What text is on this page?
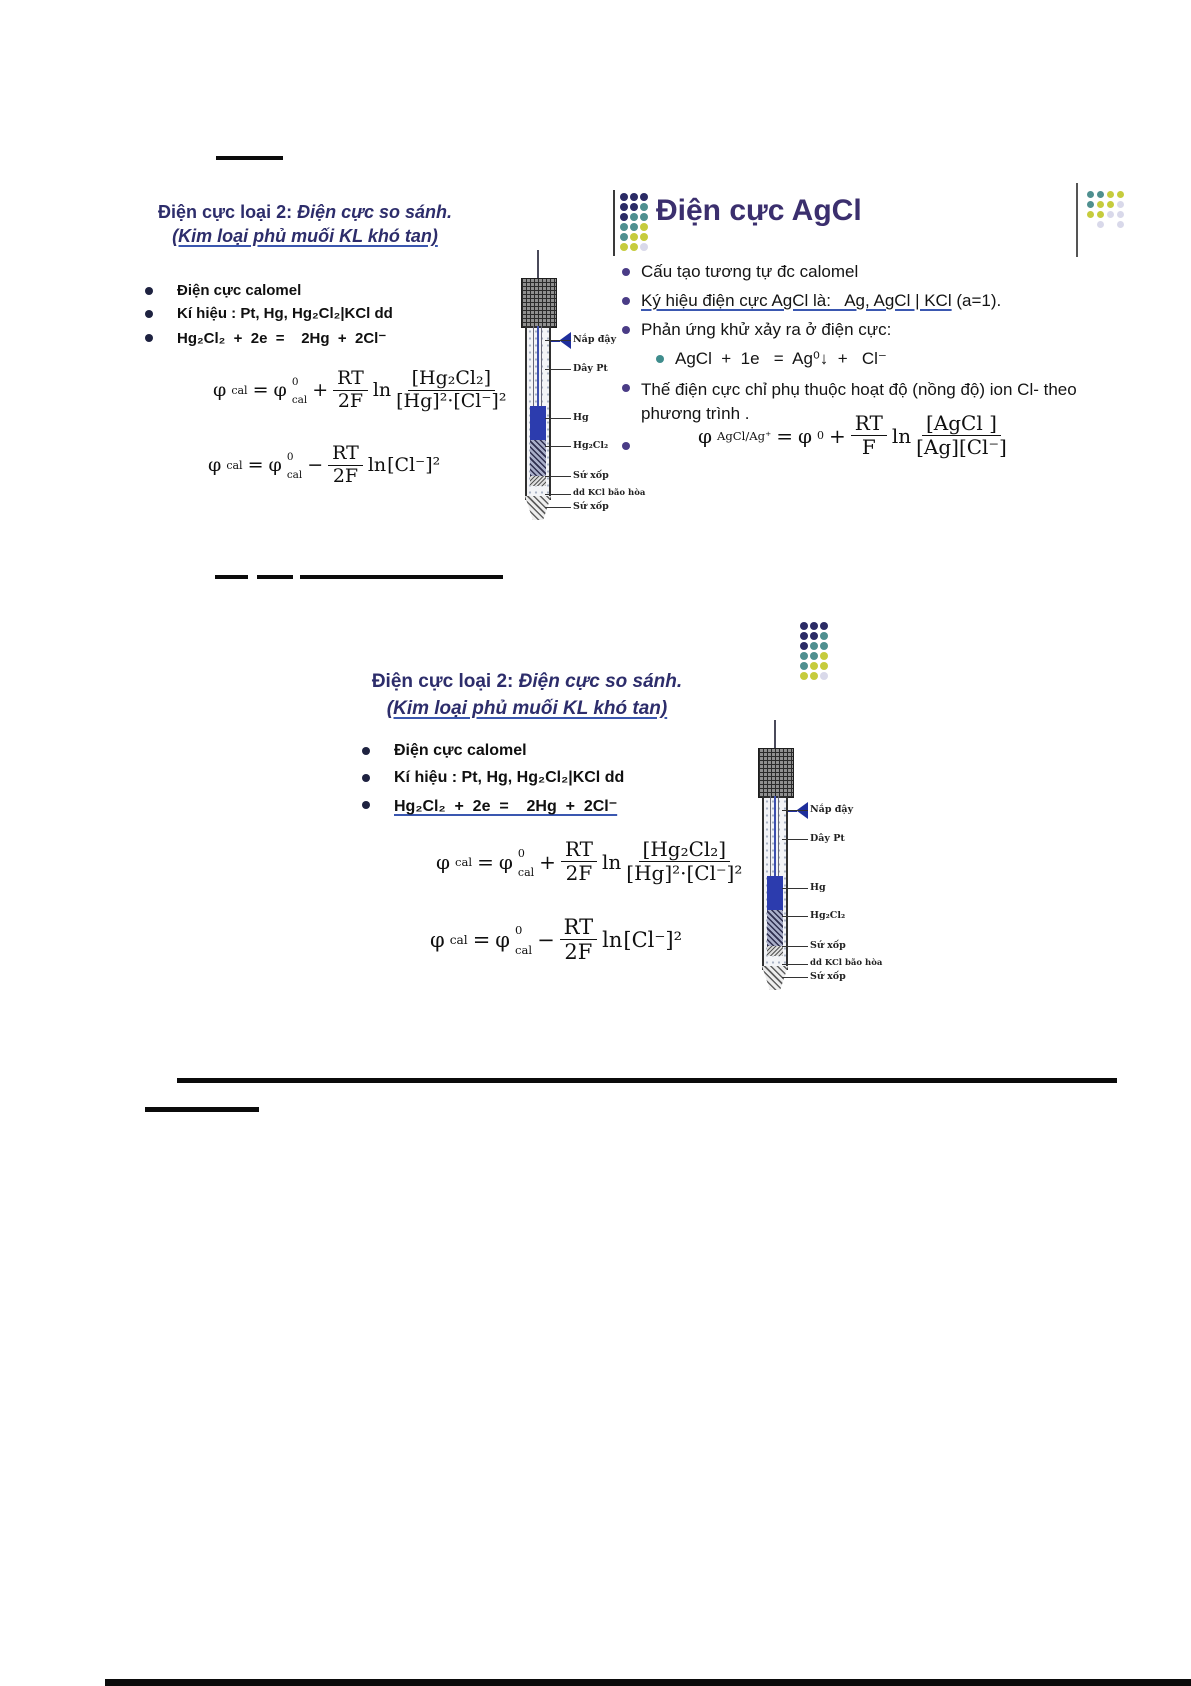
Điện cực loại 2: Điện cực so sánh.
(Kim loại phủ muối KL khó tan)
Điện cực calomel
Kí hiệu : Pt, Hg, Hg₂Cl₂|KCl dd
Hg₂Cl₂  +  2e  =    2Hg  +  2Cl⁻
φ cal = φ 0
cal + $\frac{RT}{2F}$ $\ln \frac{\text{[Hg₂Cl₂]}}{\text{[Hg]²·[Cl⁻]²}}$
φ cal = φ 0
cal − $\frac{RT}{2F}$ ln [Cl⁻]²
Nắp đậy
Dây Pt
Hg
Hg₂Cl₂
Sứ xốp
dd KCl bão hòa
Sứ xốp
Điện cực AgCl
Cấu tạo tương tự đc calomel
Ký hiệu điện cực AgCl là:   Ag, AgCl | KCl (a=1).
Phản ứng khử xảy ra ở điện cực:
AgCl  +  1e   =  Ag⁰↓  +   Cl⁻
Thế điện cực chỉ phụ thuộc hoạt độ (nồng độ) ion Cl- theo phương trình .
φ AgCl/Ag⁺ = φ $0 + \frac{RT}{F}$ $\ln \frac{\text{[AgCl ]}}{[Ag][Cl^-]}$
Điện cực loại 2: Điện cực so sánh.
(Kim loại phủ muối KL khó tan)
Điện cực calomel
Kí hiệu : Pt, Hg, Hg₂Cl₂|KCl dd
Hg₂Cl₂  +  2e  =    2Hg  +  2Cl⁻
φ cal = φ 0
cal + $\frac{RT}{2F}$ $\ln \frac{\text{[Hg₂Cl₂]}}{\text{[Hg]²·[Cl⁻]²}}$
φ cal = φ 0
cal − $\frac{RT}{2F}$ ln [Cl⁻]²
Nắp đậy
Dây Pt
Hg
Hg₂Cl₂
Sứ xốp
dd KCl bão hòa
Sứ xốp
